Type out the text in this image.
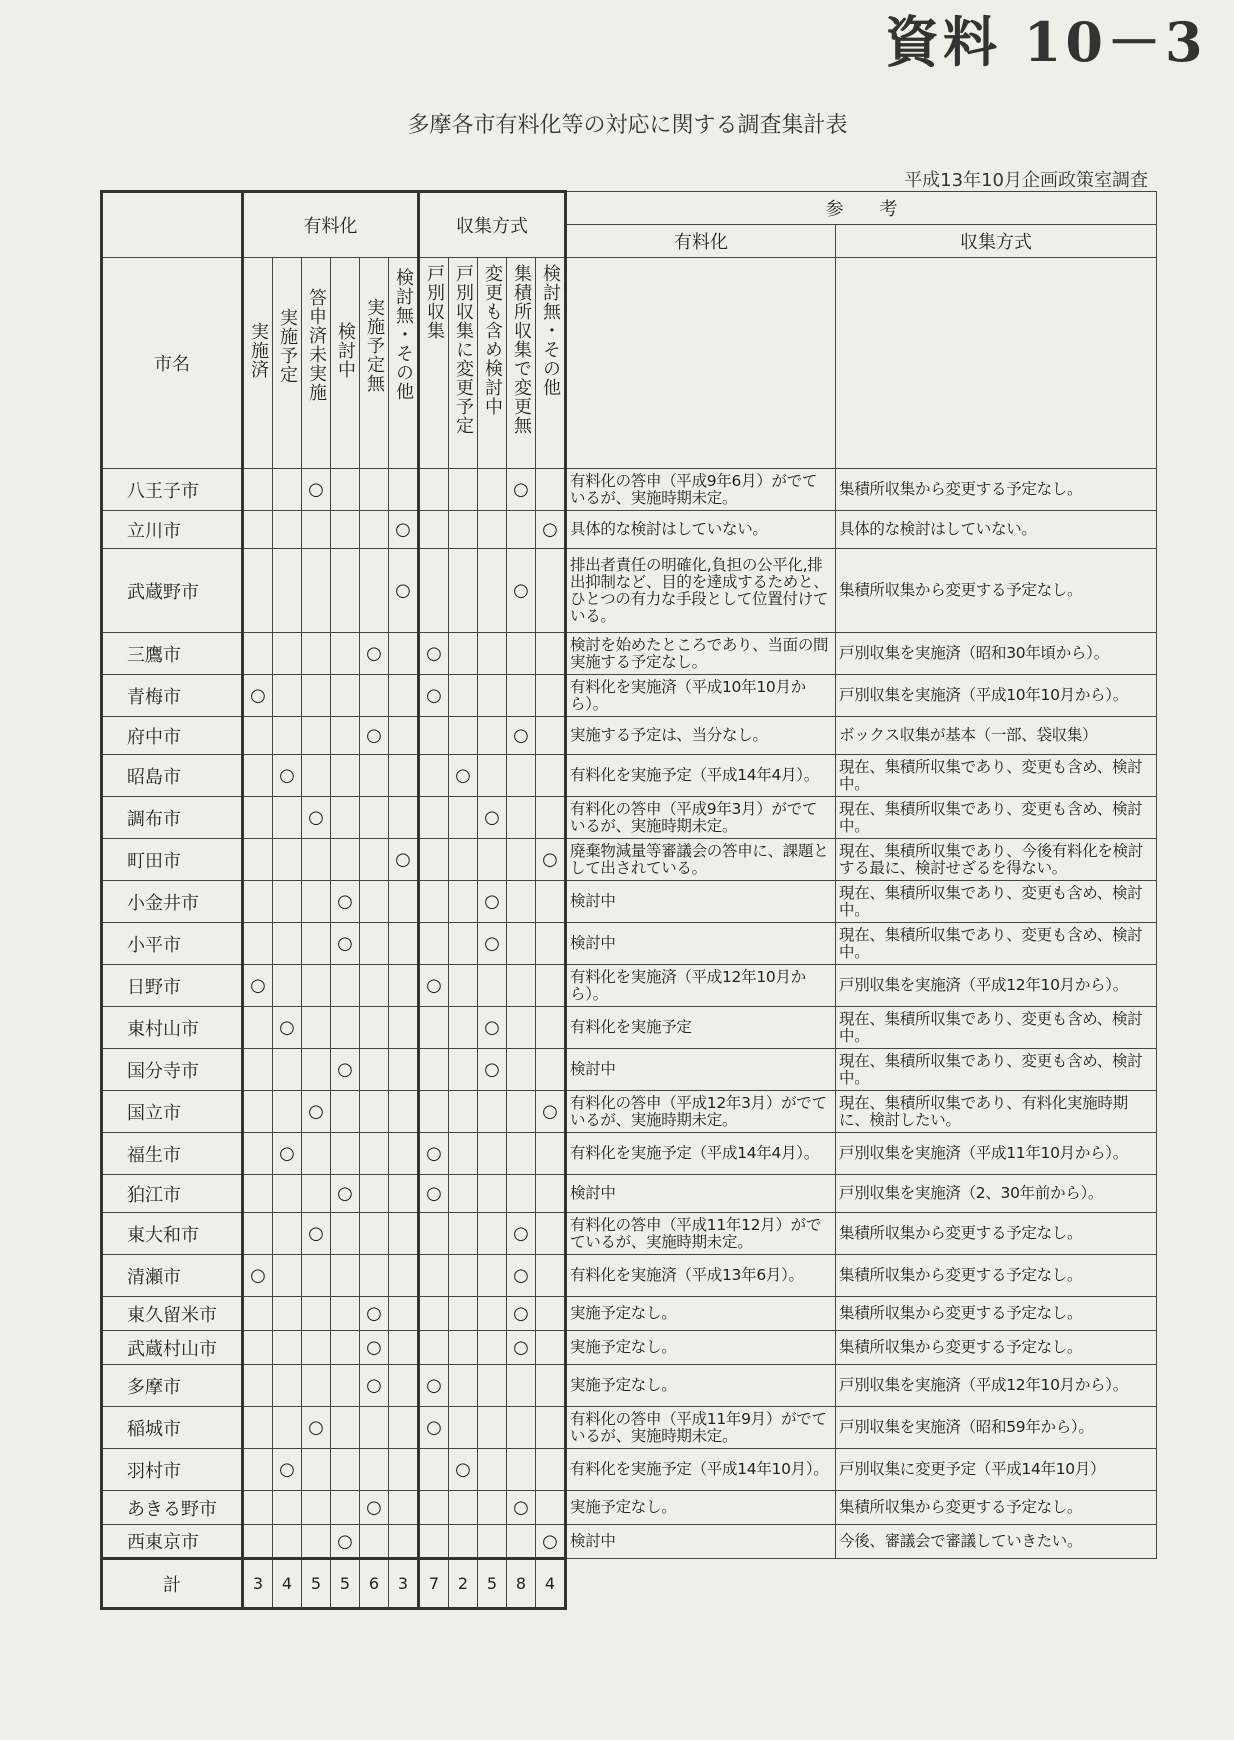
資料 10－3
多摩各市有料化等の対応に関する調査集計表
平成13年10月企画政策室調査
	有料化						収集方式					参　　考	
												有料化	収集方式
市名	実施済	実施予定	答申済未実施	検討中	実施予定無	検討無・その他	戸別収集	戸別収集に変更予定	変更も含め検討中	集積所収集で変更無	検討無・その他		

八王子市			○							○		有料化の答申（平成9年6月）がでているが、実施時期未定。	集積所収集から変更する予定なし。
立川市						○					○	具体的な検討はしていない。	具体的な検討はしていない。
武蔵野市						○				○		排出者責任の明確化,負担の公平化,排出抑制など、目的を達成するためと、ひとつの有力な手段として位置付けている。	集積所収集から変更する予定なし。
三鷹市					○		○					検討を始めたところであり、当面の間実施する予定なし。	戸別収集を実施済（昭和30年頃から）。
青梅市	○						○					有料化を実施済（平成10年10月から）。	戸別収集を実施済（平成10年10月から）。
府中市					○					○		実施する予定は、当分なし。	ボックス収集が基本（一部、袋収集）
昭島市		○						○				有料化を実施予定（平成14年4月）。	現在、集積所収集であり、変更も含め、検討中。
調布市			○						○			有料化の答申（平成9年3月）がでているが、実施時期未定。	現在、集積所収集であり、変更も含め、検討中。
町田市						○					○	廃棄物減量等審議会の答申に、課題として出されている。	現在、集積所収集であり、今後有料化を検討する最に、検討せざるを得ない。
小金井市				○					○			検討中	現在、集積所収集であり、変更も含め、検討中。
小平市				○					○			検討中	現在、集積所収集であり、変更も含め、検討中。
日野市	○						○					有料化を実施済（平成12年10月から）。	戸別収集を実施済（平成12年10月から）。
東村山市		○							○			有料化を実施予定	現在、集積所収集であり、変更も含め、検討中。
国分寺市				○					○			検討中	現在、集積所収集であり、変更も含め、検討中。
国立市			○								○	有料化の答申（平成12年3月）がでているが、実施時期未定。	現在、集積所収集であり、有料化実施時期に、検討したい。
福生市		○					○					有料化を実施予定（平成14年4月）。	戸別収集を実施済（平成11年10月から）。
狛江市				○			○					検討中	戸別収集を実施済（2、30年前から）。
東大和市			○							○		有料化の答申（平成11年12月）がでているが、実施時期未定。	集積所収集から変更する予定なし。
清瀬市	○									○		有料化を実施済（平成13年6月）。	集積所収集から変更する予定なし。
東久留米市					○					○		実施予定なし。	集積所収集から変更する予定なし。
武蔵村山市					○					○		実施予定なし。	集積所収集から変更する予定なし。
多摩市					○		○					実施予定なし。	戸別収集を実施済（平成12年10月から）。
稲城市			○				○					有料化の答申（平成11年9月）がでているが、実施時期未定。	戸別収集を実施済（昭和59年から）。
羽村市		○						○				有料化を実施予定（平成14年10月）。	戸別収集に変更予定（平成14年10月）
あきる野市					○					○		実施予定なし。	集積所収集から変更する予定なし。
西東京市				○							○	検討中	今後、審議会で審議していきたい。
計	3	4	5	5	6	3	7	2	5	8	4		
